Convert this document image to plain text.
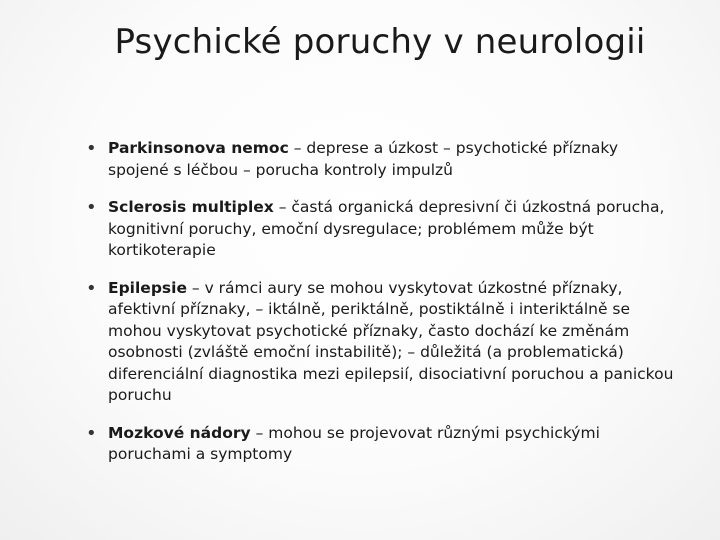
Psychické poruchy v neurologii
• Parkinsonova nemoc – deprese a úzkost – psychotické příznaky spojené s léčbou – porucha kontroly impulzů
• Sclerosis multiplex – častá organická depresivní či úzkostná porucha, kognitivní poruchy, emoční dysregulace; problémem může být kortikoterapie
• Epilepsie – v rámci aury se mohou vyskytovat úzkostné příznaky, afektivní příznaky, – iktálně, periktálně, postiktálně i interiktálně se mohou vyskytovat psychotické příznaky, často dochází ke změnám osobnosti (zvláště emoční instabilitě); – důležitá (a problematická) diferenciální diagnostika mezi epilepsií, disociativní poruchou a panickou poruchu
• Mozkové nádory – mohou se projevovat různými psychickými poruchami a symptomy
